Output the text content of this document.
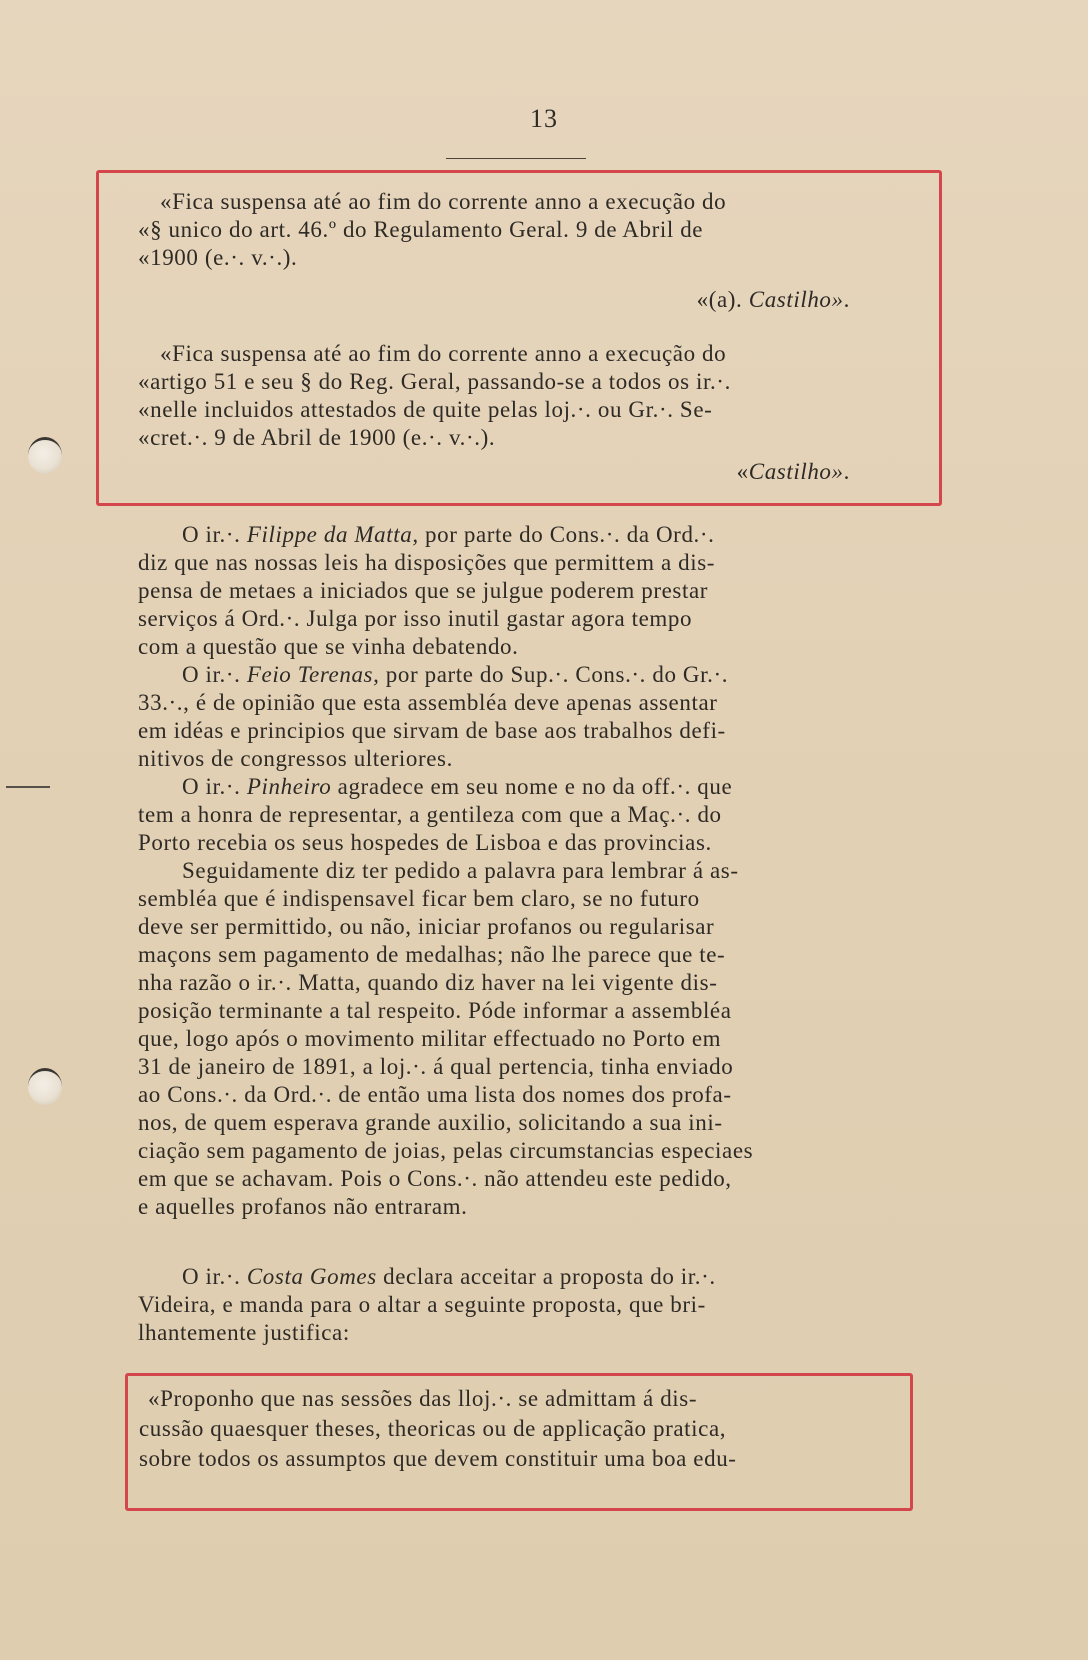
13
«Fica suspensa até ao fim do corrente anno a execução do
«§ unico do art. 46.º do Regulamento Geral. 9 de Abril de
«1900 (e.·. v.·.).
«(a). Castilho».
«Fica suspensa até ao fim do corrente anno a execução do
«artigo 51 e seu § do Reg. Geral, passando-se a todos os ir.·.
«nelle incluidos attestados de quite pelas loj.·. ou Gr.·. Se-
«cret.·. 9 de Abril de 1900 (e.·. v.·.).
«Castilho».
O ir.·. Filippe da Matta, por parte do Cons.·. da Ord.·.
diz que nas nossas leis ha disposições que permittem a dis-
pensa de metaes a iniciados que se julgue poderem prestar
serviços á Ord.·. Julga por isso inutil gastar agora tempo
com a questão que se vinha debatendo.
O ir.·. Feio Terenas, por parte do Sup.·. Cons.·. do Gr.·.
33.·., é de opinião que esta assembléa deve apenas assentar
em idéas e principios que sirvam de base aos trabalhos defi-
nitivos de congressos ulteriores.
O ir.·. Pinheiro agradece em seu nome e no da off.·. que
tem a honra de representar, a gentileza com que a Maç.·. do
Porto recebia os seus hospedes de Lisboa e das provincias.
Seguidamente diz ter pedido a palavra para lembrar á as-
sembléa que é indispensavel ficar bem claro, se no futuro
deve ser permittido, ou não, iniciar profanos ou regularisar
maçons sem pagamento de medalhas; não lhe parece que te-
nha razão o ir.·. Matta, quando diz haver na lei vigente dis-
posição terminante a tal respeito. Póde informar a assembléa
que, logo após o movimento militar effectuado no Porto em
31 de janeiro de 1891, a loj.·. á qual pertencia, tinha enviado
ao Cons.·. da Ord.·. de então uma lista dos nomes dos profa-
nos, de quem esperava grande auxilio, solicitando a sua ini-
ciação sem pagamento de joias, pelas circumstancias especiaes
em que se achavam. Pois o Cons.·. não attendeu este pedido,
e aquelles profanos não entraram.
O ir.·. Costa Gomes declara acceitar a proposta do ir.·.
Videira, e manda para o altar a seguinte proposta, que bri-
lhantemente justifica:
«Proponho que nas sessões das lloj.·. se admittam á dis-
cussão quaesquer theses, theoricas ou de applicação pratica,
sobre todos os assumptos que devem constituir uma boa edu-
